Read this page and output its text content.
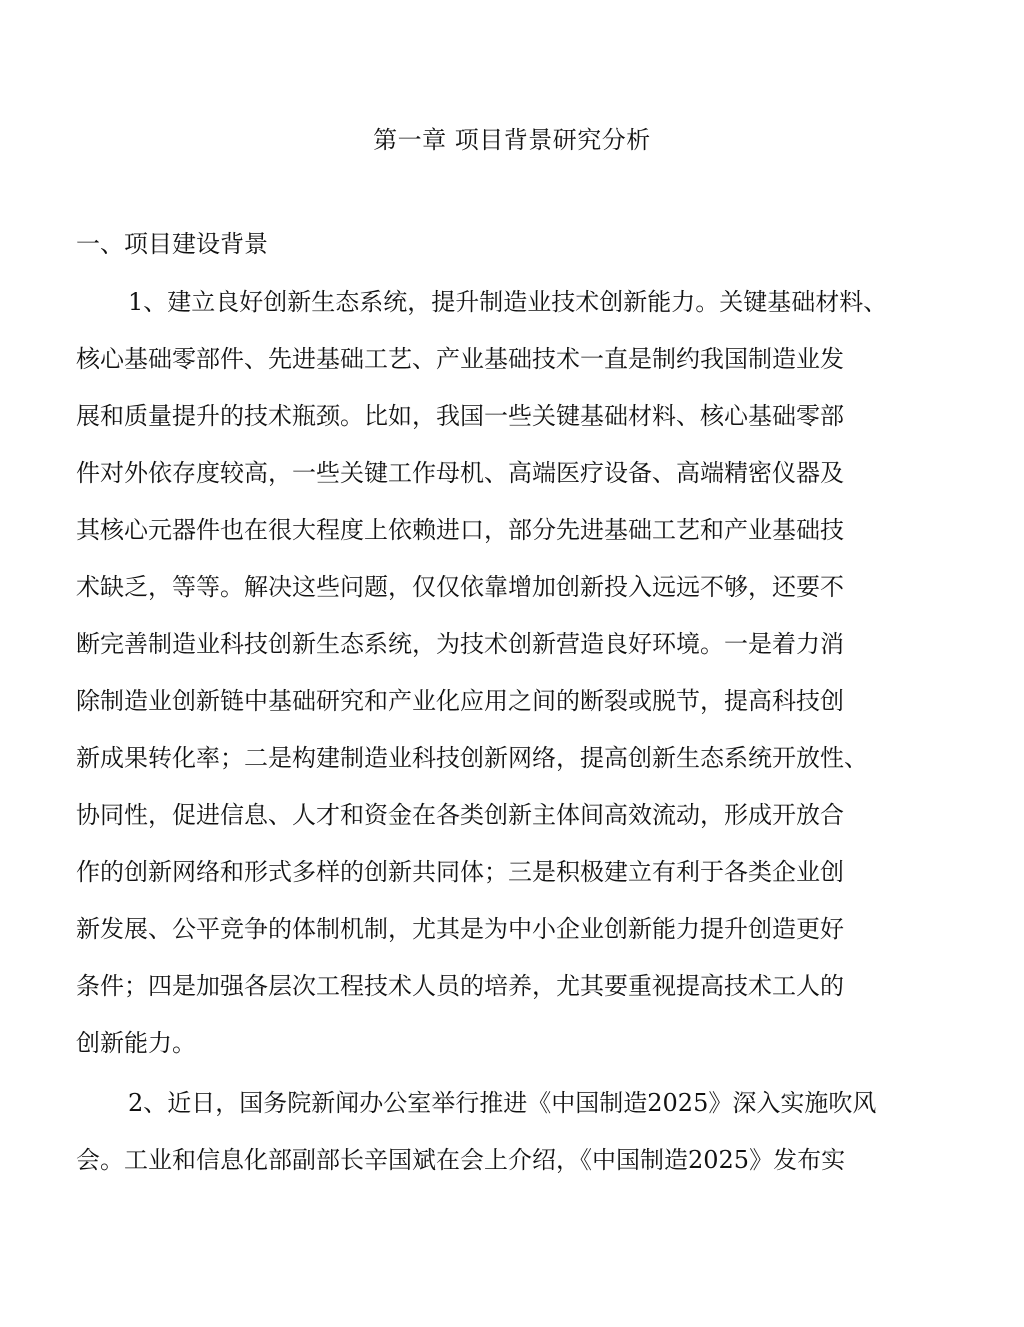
第一章 项目背景研究分析
一、项目建设背景
1、建立良好创新生态系统，提升制造业技术创新能力。关键基础材料、
核心基础零部件、先进基础工艺、产业基础技术一直是制约我国制造业发
展和质量提升的技术瓶颈。比如，我国一些关键基础材料、核心基础零部
件对外依存度较高，一些关键工作母机、高端医疗设备、高端精密仪器及
其核心元器件也在很大程度上依赖进口，部分先进基础工艺和产业基础技
术缺乏，等等。解决这些问题，仅仅依靠增加创新投入远远不够，还要不
断完善制造业科技创新生态系统，为技术创新营造良好环境。一是着力消
除制造业创新链中基础研究和产业化应用之间的断裂或脱节，提高科技创
新成果转化率；二是构建制造业科技创新网络，提高创新生态系统开放性、
协同性，促进信息、人才和资金在各类创新主体间高效流动，形成开放合
作的创新网络和形式多样的创新共同体；三是积极建立有利于各类企业创
新发展、公平竞争的体制机制，尤其是为中小企业创新能力提升创造更好
条件；四是加强各层次工程技术人员的培养，尤其要重视提高技术工人的
创新能力。
2、近日，国务院新闻办公室举行推进《中国制造2025》深入实施吹风
会。工业和信息化部副部长辛国斌在会上介绍，《中国制造2025》发布实
